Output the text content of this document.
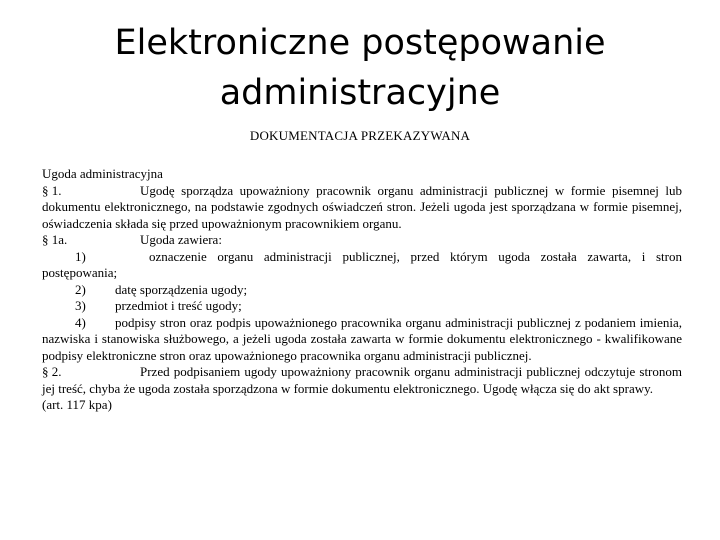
Elektroniczne postępowanie
administracyjne
DOKUMENTACJA PRZEKAZYWANA

Ugoda administracyjna

§ 1.	Ugodę sporządza upoważniony pracownik organu administracji publicznej w formie pisemnej lub dokumentu elektronicznego, na podstawie zgodnych oświadczeń stron. Jeżeli ugoda jest sporządzana w formie pisemnej, oświadczenia składa się przed upoważnionym pracownikiem organu.

§ 1a.	Ugoda zawiera:

1)	oznaczenie organu administracji publicznej, przed którym ugoda została zawarta, i stron postępowania;

2) datę sporządzenia ugody;

3) przedmiot i treść ugody;

4) podpisy stron oraz podpis upoważnionego pracownika organu administracji publicznej z podaniem imienia, nazwiska i stanowiska służbowego, a jeżeli ugoda została zawarta w formie dokumentu elektronicznego - kwalifikowane podpisy elektroniczne stron oraz upoważnionego pracownika organu administracji publicznej.

§ 2.	Przed podpisaniem ugody upoważniony pracownik organu administracji publicznej odczytuje stronom jej treść, chyba że ugoda została sporządzona w formie dokumentu elektronicznego. Ugodę włącza się do akt sprawy.

(art. 117 kpa)
